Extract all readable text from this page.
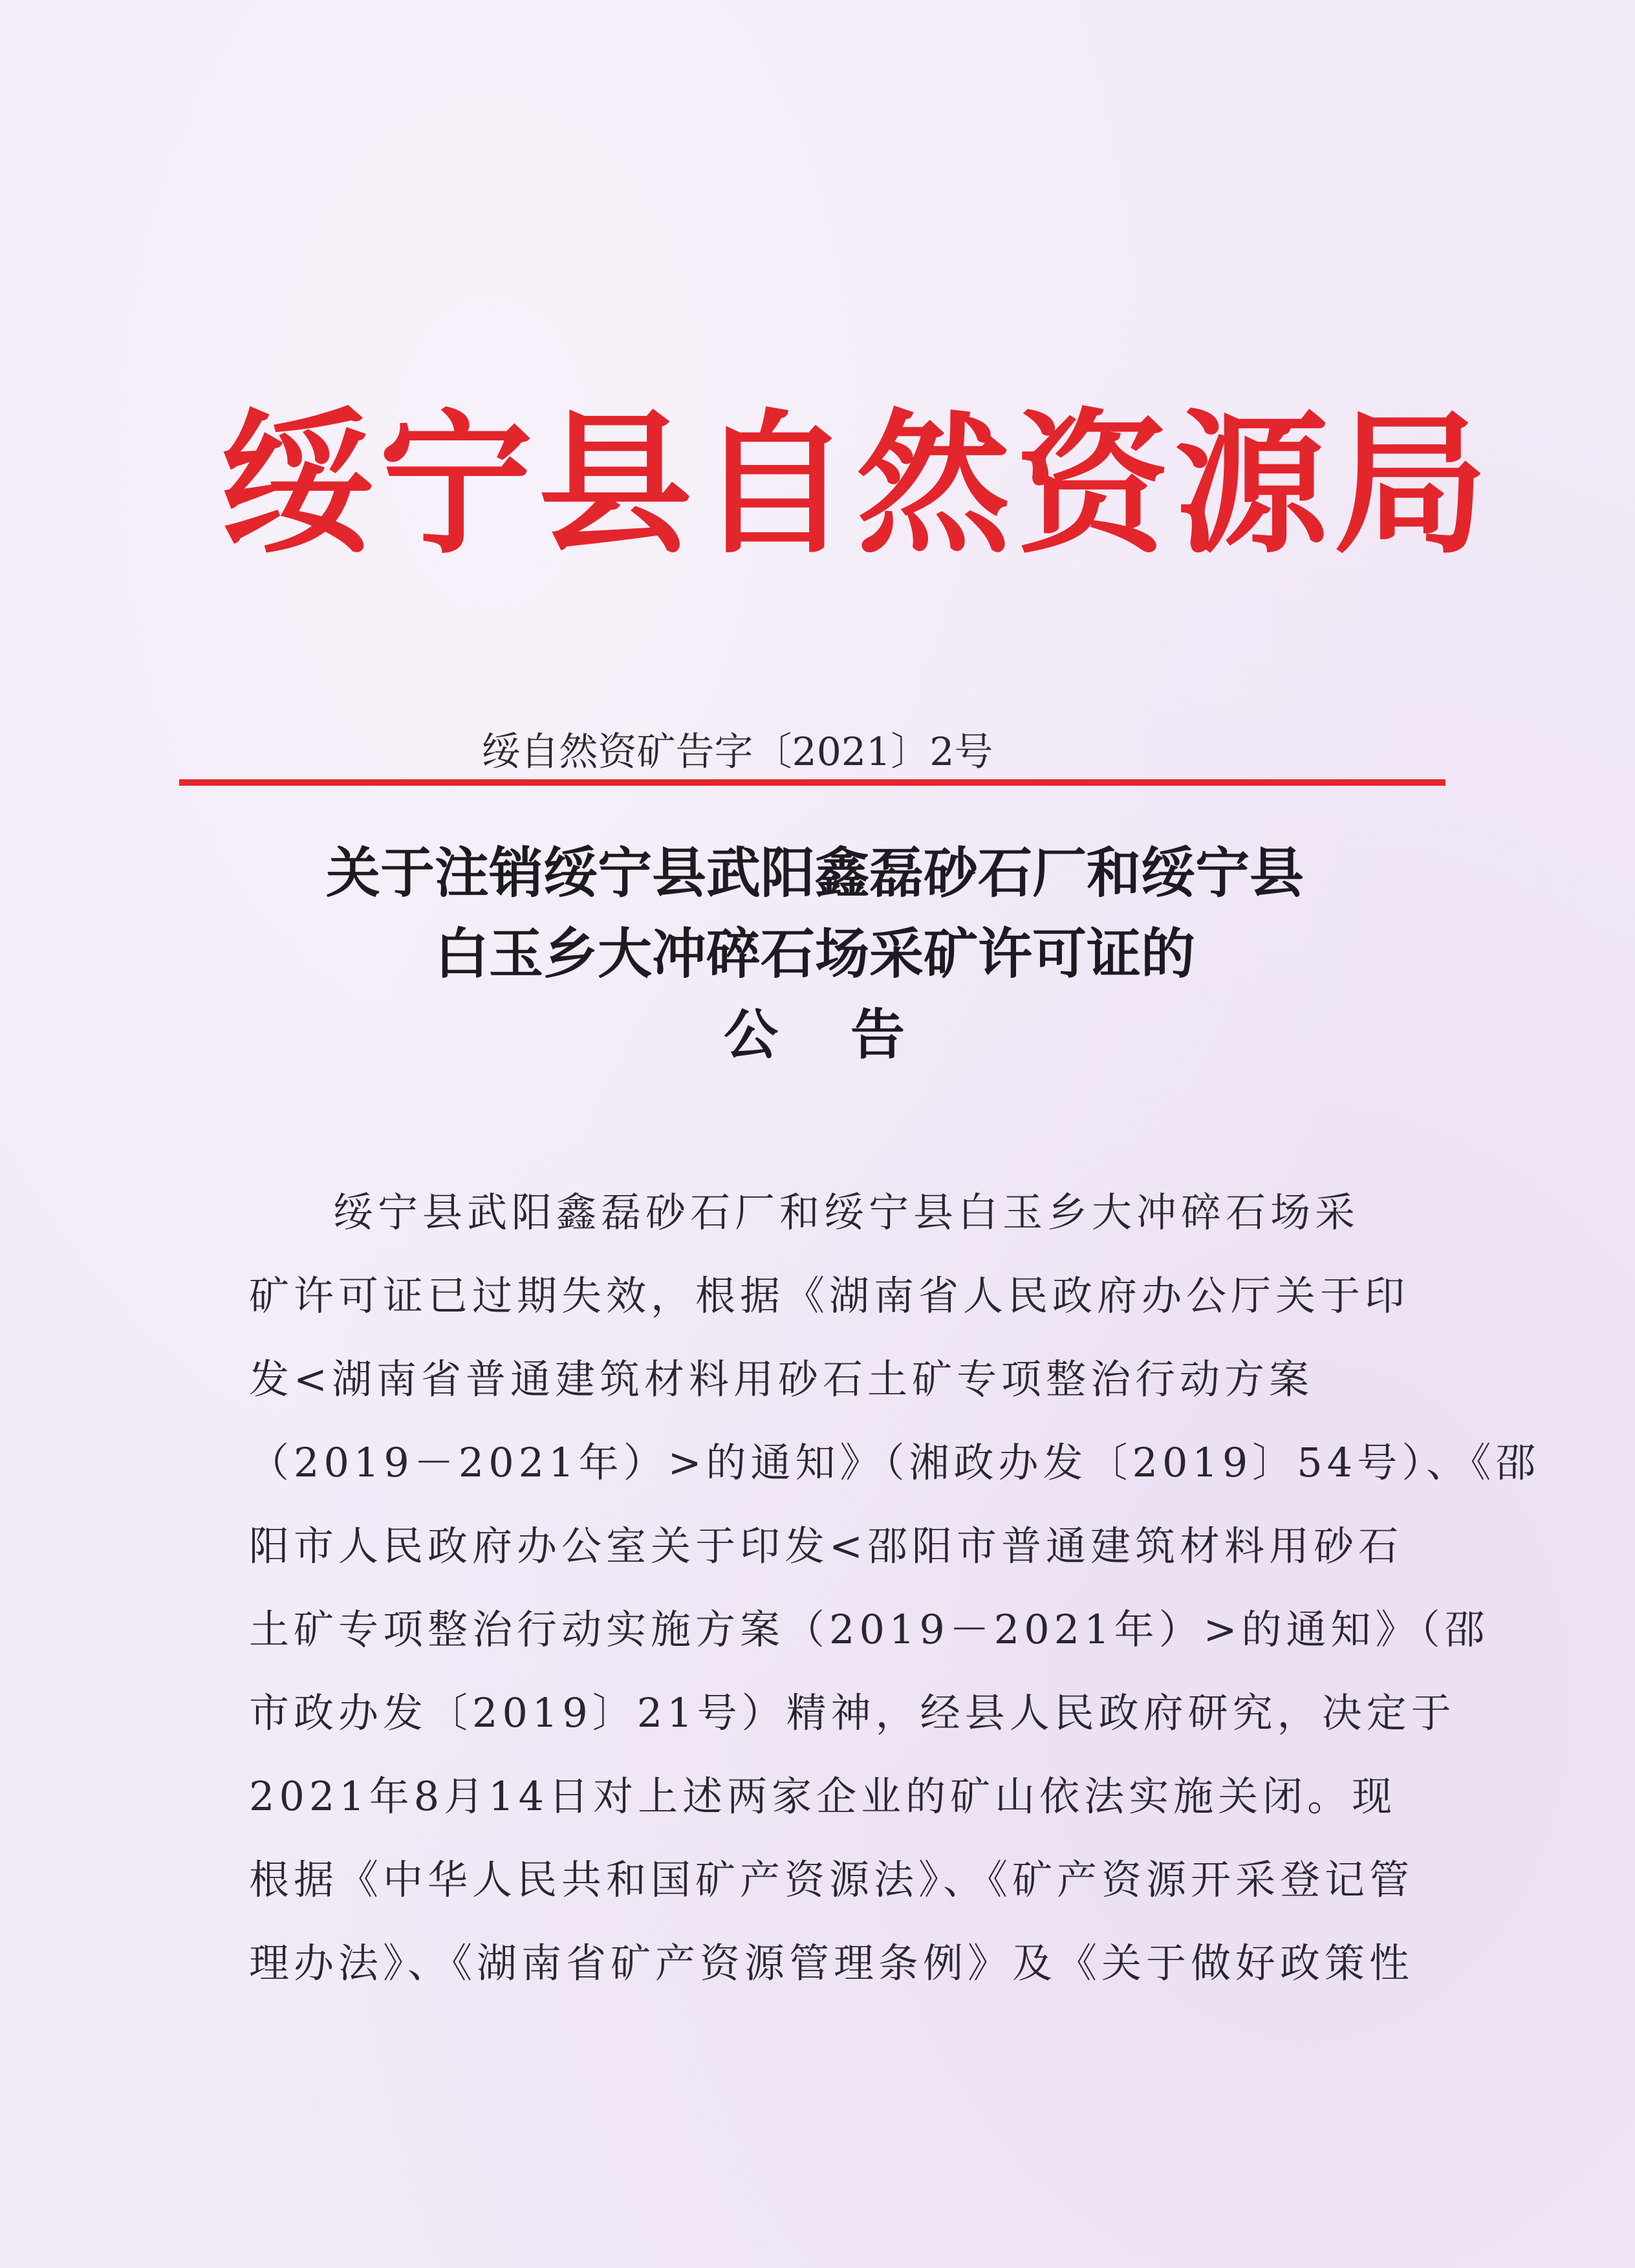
绥宁县自然资源局
绥自然资矿告字〔2021〕2号
关于注销绥宁县武阳鑫磊砂石厂和绥宁县
白玉乡大冲碎石场采矿许可证的
公 告
绥宁县武阳鑫磊砂石厂和绥宁县白玉乡大冲碎石场采
矿许可证已过期失效，根据《湖南省人民政府办公厅关于印
发<湖南省普通建筑材料用砂石土矿专项整治行动方案
（2019－2021年）>的通知》（湘政办发〔2019〕54号）、《邵
阳市人民政府办公室关于印发<邵阳市普通建筑材料用砂石
土矿专项整治行动实施方案（2019－2021年）>的通知》（邵
市政办发〔2019〕21号）精神，经县人民政府研究，决定于
2021年8月14日对上述两家企业的矿山依法实施关闭。现
根据《中华人民共和国矿产资源法》、《矿产资源开采登记管
理办法》、《湖南省矿产资源管理条例》及《关于做好政策性
